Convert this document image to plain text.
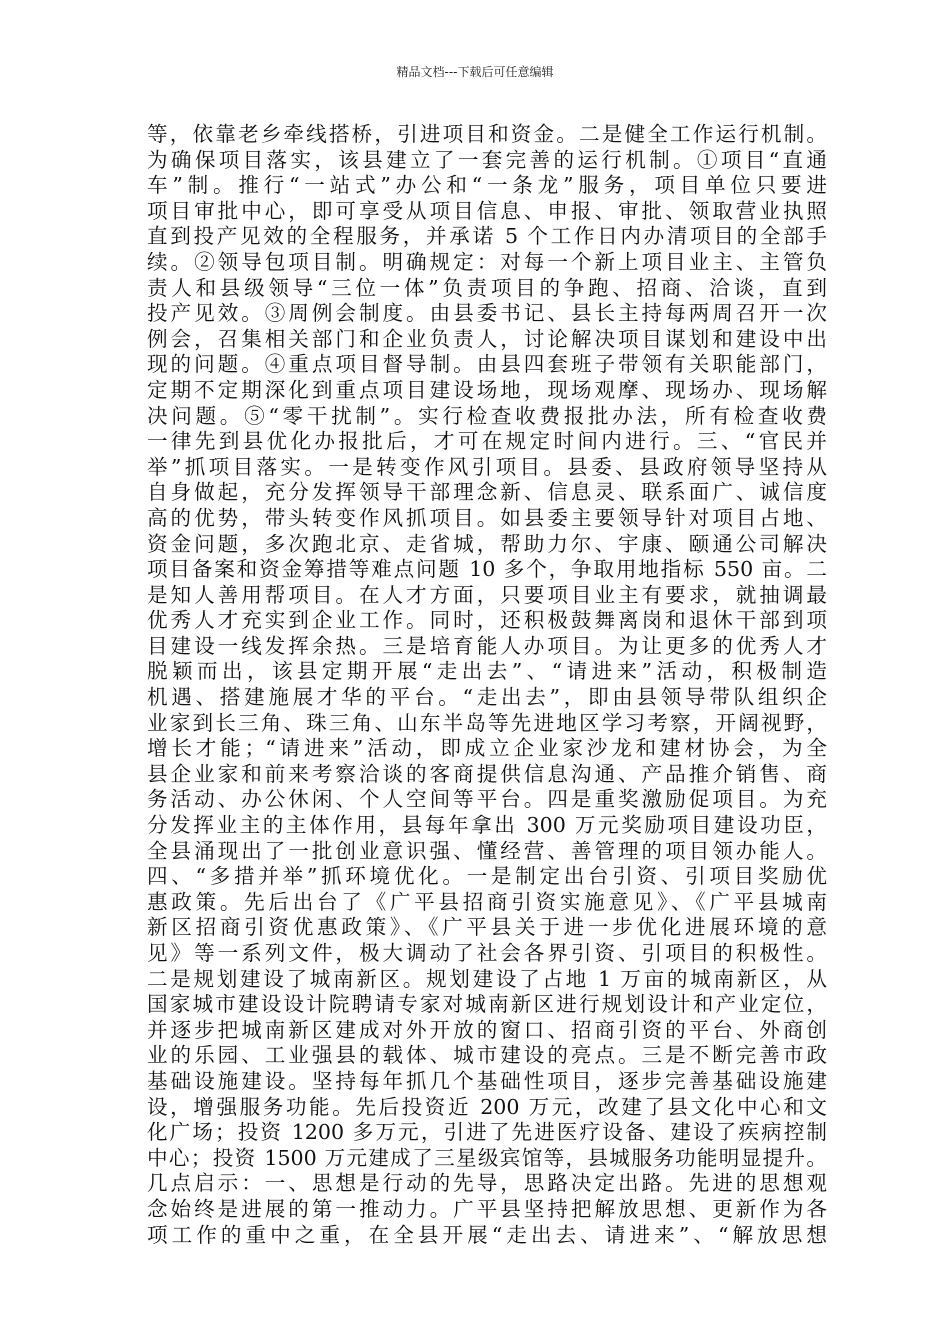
精品文档---下载后可任意编辑
等，依靠老乡牵线搭桥，引进项目和资金。二是健全工作运行机制。
为确保项目落实，该县建立了一套完善的运行机制。①项目“直通
车”制。推行“一站式”办公和“一条龙”服务，项目单位只要进
项目审批中心，即可享受从项目信息、申报、审批、领取营业执照
直到投产见效的全程服务，并承诺 5 个工作日内办清项目的全部手
续。②领导包项目制。明确规定：对每一个新上项目业主、主管负
责人和县级领导“三位一体”负责项目的争跑、招商、洽谈，直到
投产见效。③周例会制度。由县委书记、县长主持每两周召开一次
例会，召集相关部门和企业负责人，讨论解决项目谋划和建设中出
现的问题。④重点项目督导制。由县四套班子带领有关职能部门，
定期不定期深化到重点项目建设场地，现场观摩、现场办、现场解
决问题。⑤“零干扰制”。实行检查收费报批办法，所有检查收费
一律先到县优化办报批后，才可在规定时间内进行。三、“官民并
举”抓项目落实。一是转变作风引项目。县委、县政府领导坚持从
自身做起，充分发挥领导干部理念新、信息灵、联系面广、诚信度
高的优势，带头转变作风抓项目。如县委主要领导针对项目占地、
资金问题，多次跑北京、走省城，帮助力尔、宇康、颐通公司解决
项目备案和资金筹措等难点问题 10 多个，争取用地指标 550 亩。二
是知人善用帮项目。在人才方面，只要项目业主有要求，就抽调最
优秀人才充实到企业工作。同时，还积极鼓舞离岗和退休干部到项
目建设一线发挥余热。三是培育能人办项目。为让更多的优秀人才
脱颖而出，该县定期开展“走出去”、“请进来”活动，积极制造
机遇、搭建施展才华的平台。“走出去”，即由县领导带队组织企
业家到长三角、珠三角、山东半岛等先进地区学习考察，开阔视野，
增长才能；“请进来”活动，即成立企业家沙龙和建材协会，为全
县企业家和前来考察洽谈的客商提供信息沟通、产品推介销售、商
务活动、办公休闲、个人空间等平台。四是重奖激励促项目。为充
分发挥业主的主体作用，县每年拿出 300 万元奖励项目建设功臣，
全县涌现出了一批创业意识强、懂经营、善管理的项目领办能人。
四、“多措并举”抓环境优化。一是制定出台引资、引项目奖励优
惠政策。先后出台了《广平县招商引资实施意见》、《广平县城南
新区招商引资优惠政策》、《广平县关于进一步优化进展环境的意
见》等一系列文件，极大调动了社会各界引资、引项目的积极性。
二是规划建设了城南新区。规划建设了占地 1 万亩的城南新区，从
国家城市建设设计院聘请专家对城南新区进行规划设计和产业定位，
并逐步把城南新区建成对外开放的窗口、招商引资的平台、外商创
业的乐园、工业强县的载体、城市建设的亮点。三是不断完善市政
基础设施建设。坚持每年抓几个基础性项目，逐步完善基础设施建
设，增强服务功能。先后投资近 200 万元，改建了县文化中心和文
化广场；投资 1200 多万元，引进了先进医疗设备、建设了疾病控制
中心；投资 1500 万元建成了三星级宾馆等，县城服务功能明显提升。
几点启示：一、思想是行动的先导，思路决定出路。先进的思想观
念始终是进展的第一推动力。广平县坚持把解放思想、更新作为各
项工作的重中之重，在全县开展“走出去、请进来”、“解放思想
